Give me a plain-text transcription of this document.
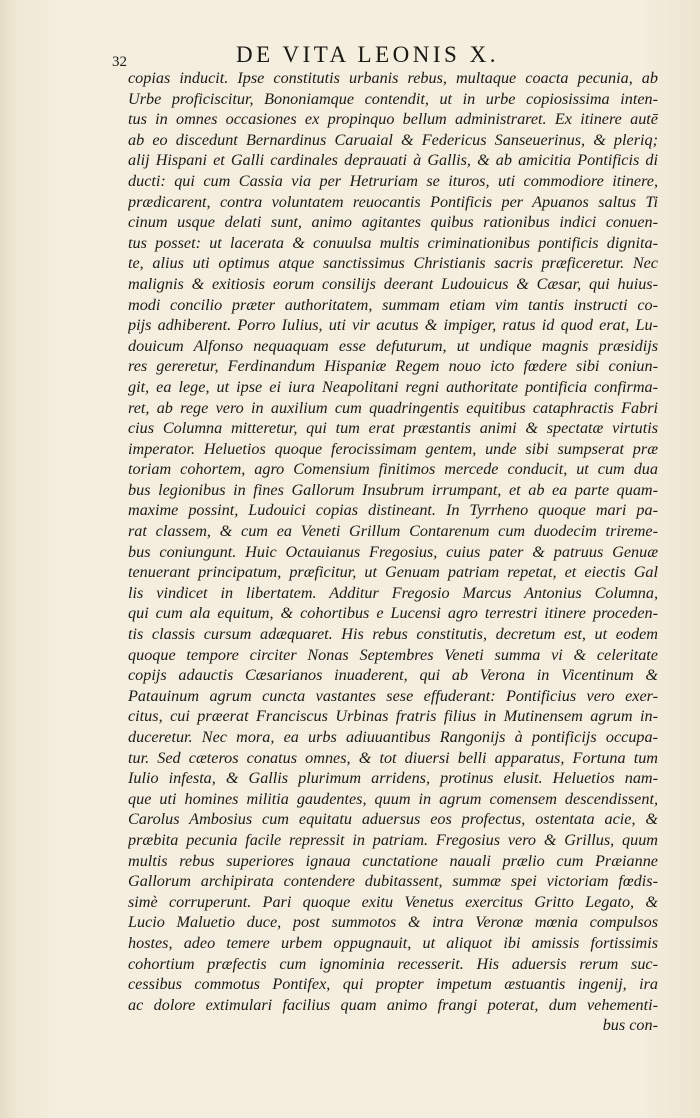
32	DE VITA LEONIS X.
copias inducit. Ipse constitutis urbanis rebus, multaque coacta pecunia, ab
Urbe proficiscitur, Bononiamque contendit, ut in urbe copiosissima inten-
tus in omnes occasiones ex propinquo bellum administraret. Ex itinere autē
ab eo discedunt Bernardinus Caruaial & Federicus Sanseuerinus, & pleriq;
alij Hispani et Galli cardinales deprauati à Gallis, & ab amicitia Pontificis di
ducti: qui cum Cassia via per Hetruriam se ituros, uti commodiore itinere,
prædicarent, contra voluntatem reuocantis Pontificis per Apuanos saltus Ti
cinum usque delati sunt, animo agitantes quibus rationibus indici conuen-
tus posset: ut lacerata & conuulsa multis criminationibus pontificis dignita-
te, alius uti optimus atque sanctissimus Christianis sacris præficeretur. Nec
malignis & exitiosis eorum consilijs deerant Ludouicus & Cæsar, qui huius-
modi concilio præter authoritatem, summam etiam vim tantis instructi co-
pijs adhiberent. Porro Iulius, uti vir acutus & impiger, ratus id quod erat, Lu-
douicum Alfonso nequaquam esse defuturum, ut undique magnis præsidijs
res gereretur, Ferdinandum Hispaniæ Regem nouo icto fœdere sibi coniun-
git, ea lege, ut ipse ei iura Neapolitani regni authoritate pontificia confirma-
ret, ab rege vero in auxilium cum quadringentis equitibus cataphractis Fabri
cius Columna mitteretur, qui tum erat præstantis animi & spectatæ virtutis
imperator. Heluetios quoque ferocissimam gentem, unde sibi sumpserat præ
toriam cohortem, agro Comensium finitimos mercede conducit, ut cum dua
bus legionibus in fines Gallorum Insubrum irrumpant, et ab ea parte quam-
maxime possint, Ludouici copias distineant. In Tyrrheno quoque mari pa-
rat classem, & cum ea Veneti Grillum Contarenum cum duodecim trireme-
bus coniungunt. Huic Octauianus Fregosius, cuius pater & patruus Genuæ
tenuerant principatum, præficitur, ut Genuam patriam repetat, et eiectis Gal
lis vindicet in libertatem. Additur Fregosio Marcus Antonius Columna,
qui cum ala equitum, & cohortibus e Lucensi agro terrestri itinere proceden-
tis classis cursum adæquaret. His rebus constitutis, decretum est, ut eodem
quoque tempore circiter Nonas Septembres Veneti summa vi & celeritate
copijs adauctis Cæsarianos inuaderent, qui ab Verona in Vicentinum &
Patauinum agrum cuncta vastantes sese effuderant: Pontificius vero exer-
citus, cui præerat Franciscus Urbinas fratris filius in Mutinensem agrum in-
duceretur. Nec mora, ea urbs adiuuantibus Rangonijs à pontificijs occupa-
tur. Sed cæteros conatus omnes, & tot diuersi belli apparatus, Fortuna tum
Iulio infesta, & Gallis plurimum arridens, protinus elusit. Heluetios nam-
que uti homines militia gaudentes, quum in agrum comensem descendissent,
Carolus Ambosius cum equitatu aduersus eos profectus, ostentata acie, &
præbita pecunia facile repressit in patriam. Fregosius vero & Grillus, quum
multis rebus superiores ignaua cunctatione nauali prælio cum Præianne
Gallorum archipirata contendere dubitassent, summæ spei victoriam fœdis-
simè corruperunt. Pari quoque exitu Venetus exercitus Gritto Legato, &
Lucio Maluetio duce, post summotos & intra Veronæ mœnia compulsos
hostes, adeo temere urbem oppugnauit, ut aliquot ibi amissis fortissimis
cohortium præfectis cum ignominia recesserit. His aduersis rerum suc-
cessibus commotus Pontifex, qui propter impetum æstuantis ingenij, ira
ac dolore extimulari facilius quam animo frangi poterat, dum vehementi-
bus con-
